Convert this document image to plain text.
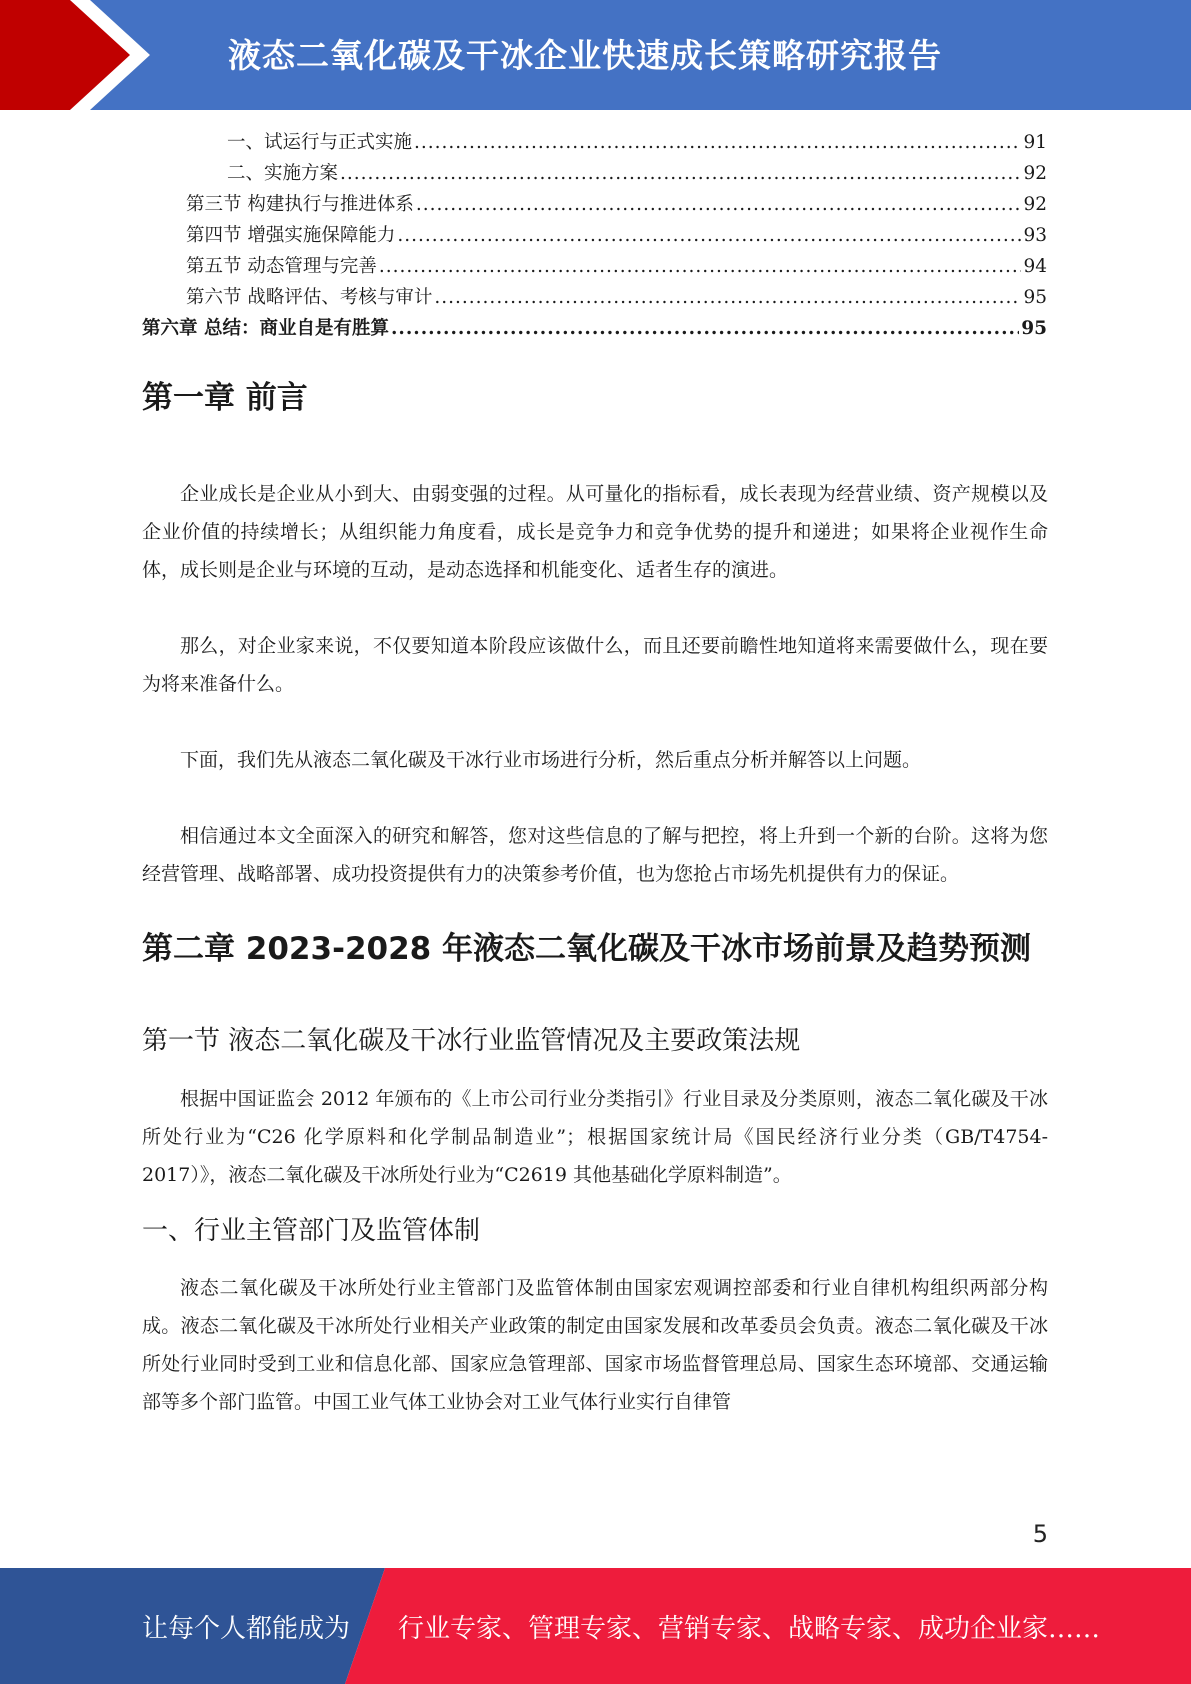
液态二氧化碳及干冰企业快速成长策略研究报告
一、试运行与正式实施 .....	91
二、实施方案 .....	92
第三节 构建执行与推进体系 .....	92
第四节 增强实施保障能力 .....	93
第五节 动态管理与完善 .....	94
第六节 战略评估、考核与审计 .....	95
第六章 总结：商业自是有胜算 .....	95
第一章 前言

企业成长是企业从小到大、由弱变强的过程。从可量化的指标看，成长表现为经营业绩、资产规模以及企业价值的持续增长；从组织能力角度看，成长是竞争力和竞争优势的提升和递进；如果将企业视作生命体，成长则是企业与环境的互动，是动态选择和机能变化、适者生存的演进。

那么，对企业家来说，不仅要知道本阶段应该做什么，而且还要前瞻性地知道将来需要做什么，现在要为将来准备什么。

下面，我们先从液态二氧化碳及干冰行业市场进行分析，然后重点分析并解答以上问题。

相信通过本文全面深入的研究和解答，您对这些信息的了解与把控，将上升到一个新的台阶。这将为您经营管理、战略部署、成功投资提供有力的决策参考价值，也为您抢占市场先机提供有力的保证。

第二章 2023-2028 年液态二氧化碳及干冰市场前景及趋势预测
第一节 液态二氧化碳及干冰行业监管情况及主要政策法规

根据中国证监会 2012 年颁布的《上市公司行业分类指引》行业目录及分类原则，液态二氧化碳及干冰所处行业为“C26 化学原料和化学制品制造业”；根据国家统计局《国民经济行业分类（GB/T4754-2017）》，液态二氧化碳及干冰所处行业为“C2619 其他基础化学原料制造”。

一、行业主管部门及监管体制

液态二氧化碳及干冰所处行业主管部门及监管体制由国家宏观调控部委和行业自律机构组织两部分构成。液态二氧化碳及干冰所处行业相关产业政策的制定由国家发展和改革委员会负责。液态二氧化碳及干冰所处行业同时受到工业和信息化部、国家应急管理部、国家市场监督管理总局、国家生态环境部、交通运输部等多个部门监管。中国工业气体工业协会对工业气体行业实行自律管

5
让每个人都能成为 行业专家、管理专家、营销专家、战略专家、成功企业家……
